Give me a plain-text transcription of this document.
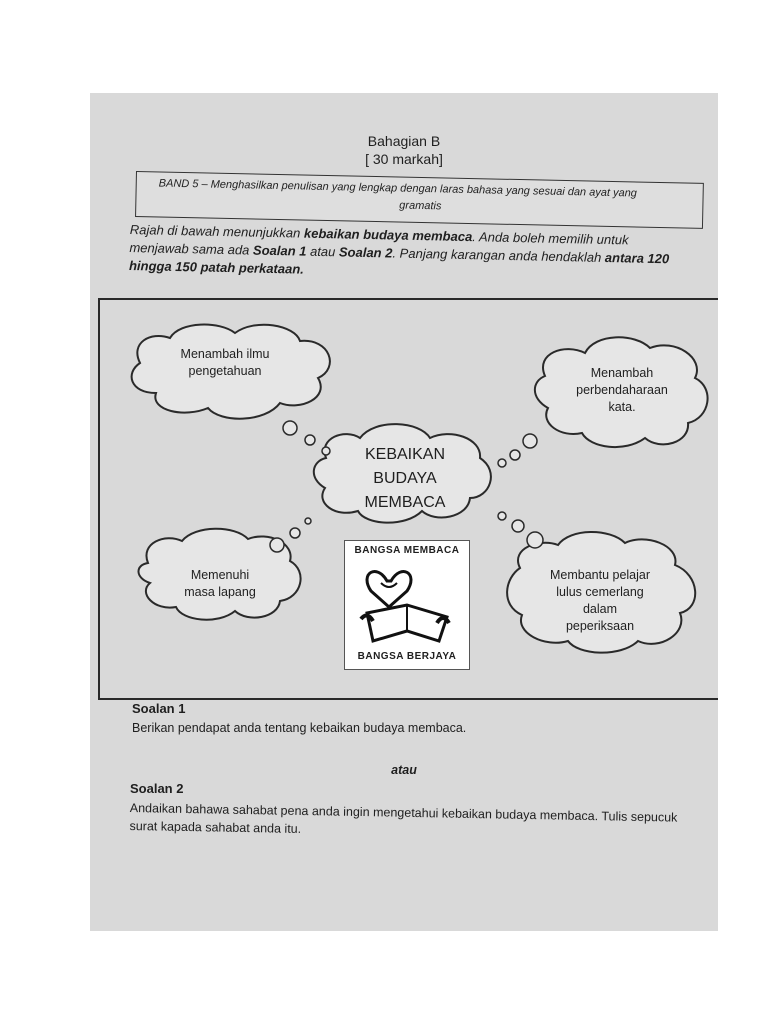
Bahagian B
[ 30 markah]
BAND 5 – Menghasilkan penulisan yang lengkap dengan laras bahasa yang sesuai dan ayat yang
gramatis
Rajah di bawah menunjukkan kebaikan budaya membaca. Anda boleh memilih untuk menjawab sama ada Soalan 1 atau Soalan 2. Panjang karangan anda hendaklah antara 120 hingga 150 patah perkataan.
Menambah ilmu
pengetahuan	Menambah
perbendaharaan
kata.
KEBAIKAN
BUDAYA
MEMBACA
Memenuhi
masa lapang
Membantu pelajar
lulus cemerlang
dalam
peperiksaan
BANGSA MEMBACA
BANGSA BERJAYA
Soalan 1
Berikan pendapat anda tentang kebaikan budaya membaca.
atau
Soalan 2
Andaikan bahawa sahabat pena anda ingin mengetahui kebaikan budaya membaca. Tulis sepucuk surat kapada sahabat anda itu.
